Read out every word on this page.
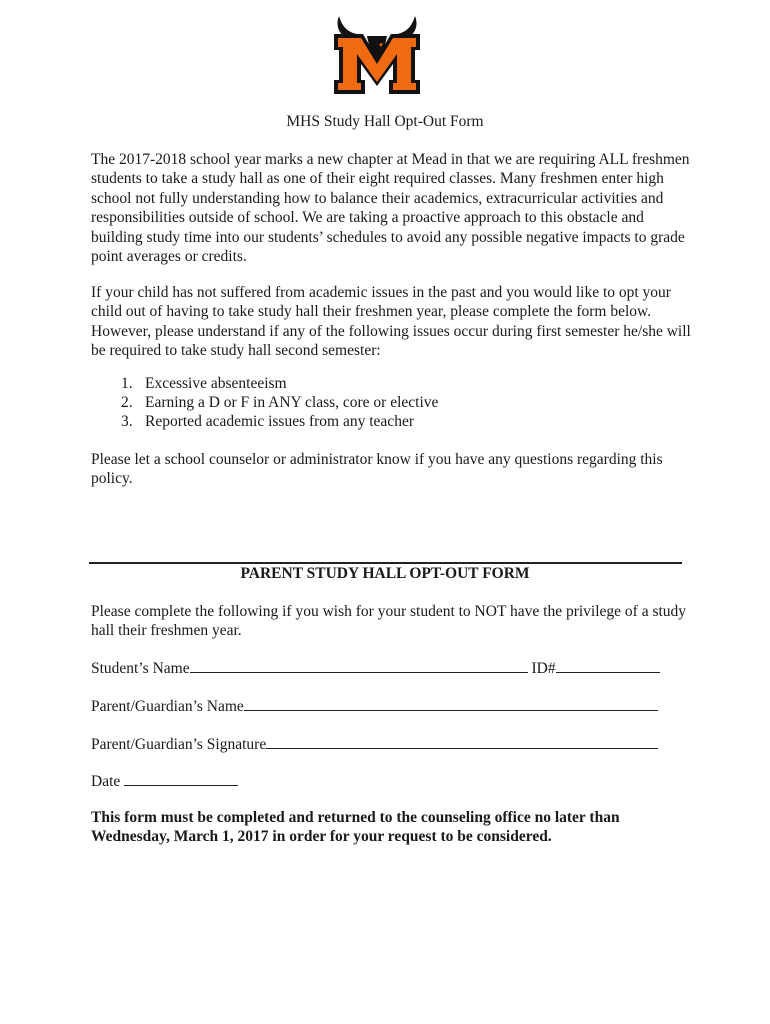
MHS Study Hall Opt-Out Form

The 2017-2018 school year marks a new chapter at Mead in that we are requiring ALL freshmen students to take a study hall as one of their eight required classes. Many freshmen enter high school not fully understanding how to balance their academics, extracurricular activities and responsibilities outside of school. We are taking a proactive approach to this obstacle and building study time into our students’ schedules to avoid any possible negative impacts to grade point averages or credits.

If your child has not suffered from academic issues in the past and you would like to opt your child out of having to take study hall their freshmen year, please complete the form below. However, please understand if any of the following issues occur during first semester he/she will be required to take study hall second semester:

1. Excessive absenteeism
2. Earning a D or F in ANY class, core or elective
3. Reported academic issues from any teacher

Please let a school counselor or administrator know if you have any questions regarding this policy.

PARENT STUDY HALL OPT-OUT FORM

Please complete the following if you wish for your student to NOT have the privilege of a study hall their freshmen year.

Student’s Name	ID#
Parent/Guardian’s Name
Parent/Guardian’s Signature
Date

This form must be completed and returned to the counseling office no later than Wednesday, March 1, 2017 in order for your request to be considered.
